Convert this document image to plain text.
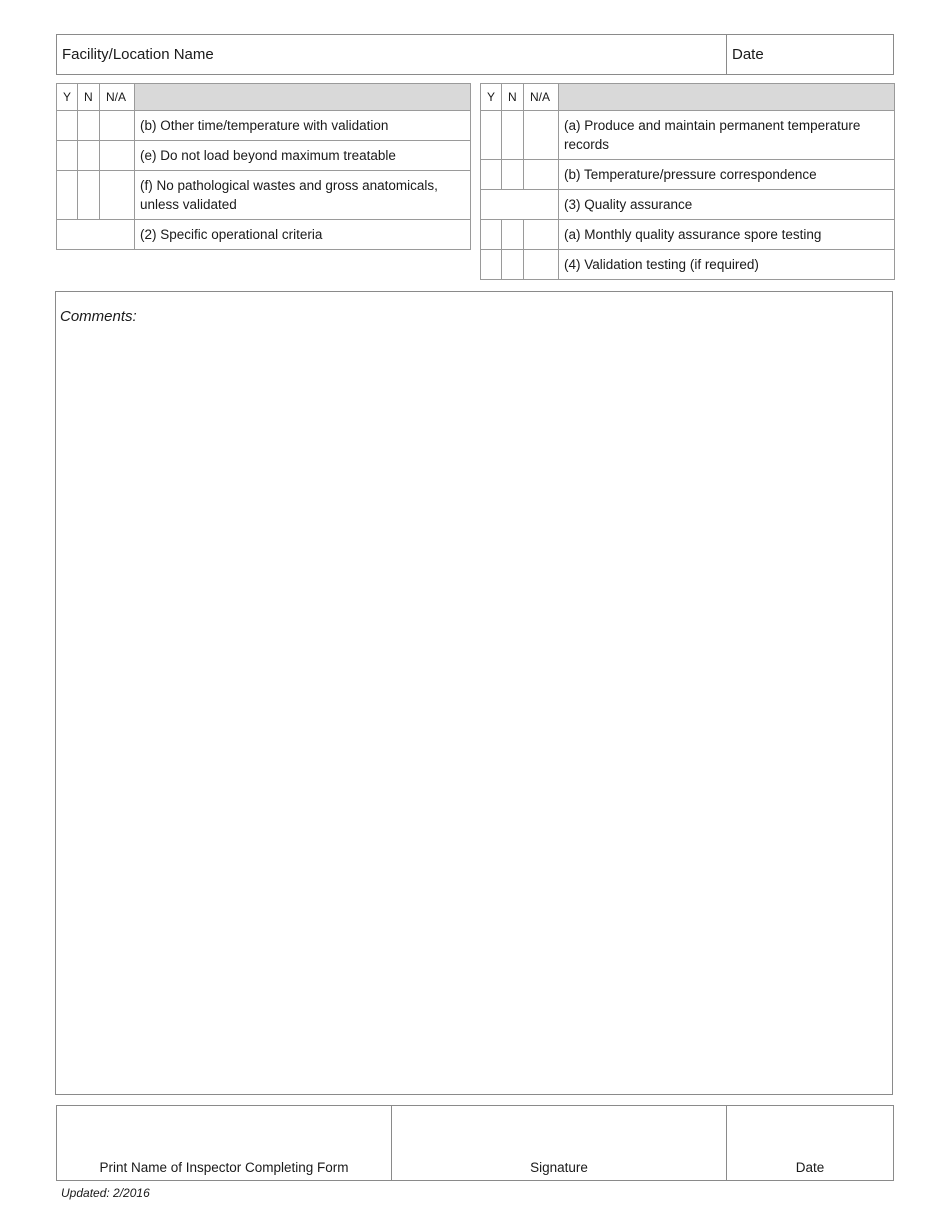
Facility/Location Name	Date
Y	N	N/A	
			(b) Other time/temperature with validation
			(e) Do not load beyond maximum treatable
			(f) No pathological wastes and gross anatomicals, unless validated
			(2) Specific operational criteria
Y	N	N/A	
			(a) Produce and maintain permanent temperature records
			(b) Temperature/pressure correspondence
			(3) Quality assurance
			(a) Monthly quality assurance spore testing
			(4) Validation testing (if required)
Comments:
Print Name of Inspector Completing Form	Signature	Date
Updated: 2/2016
